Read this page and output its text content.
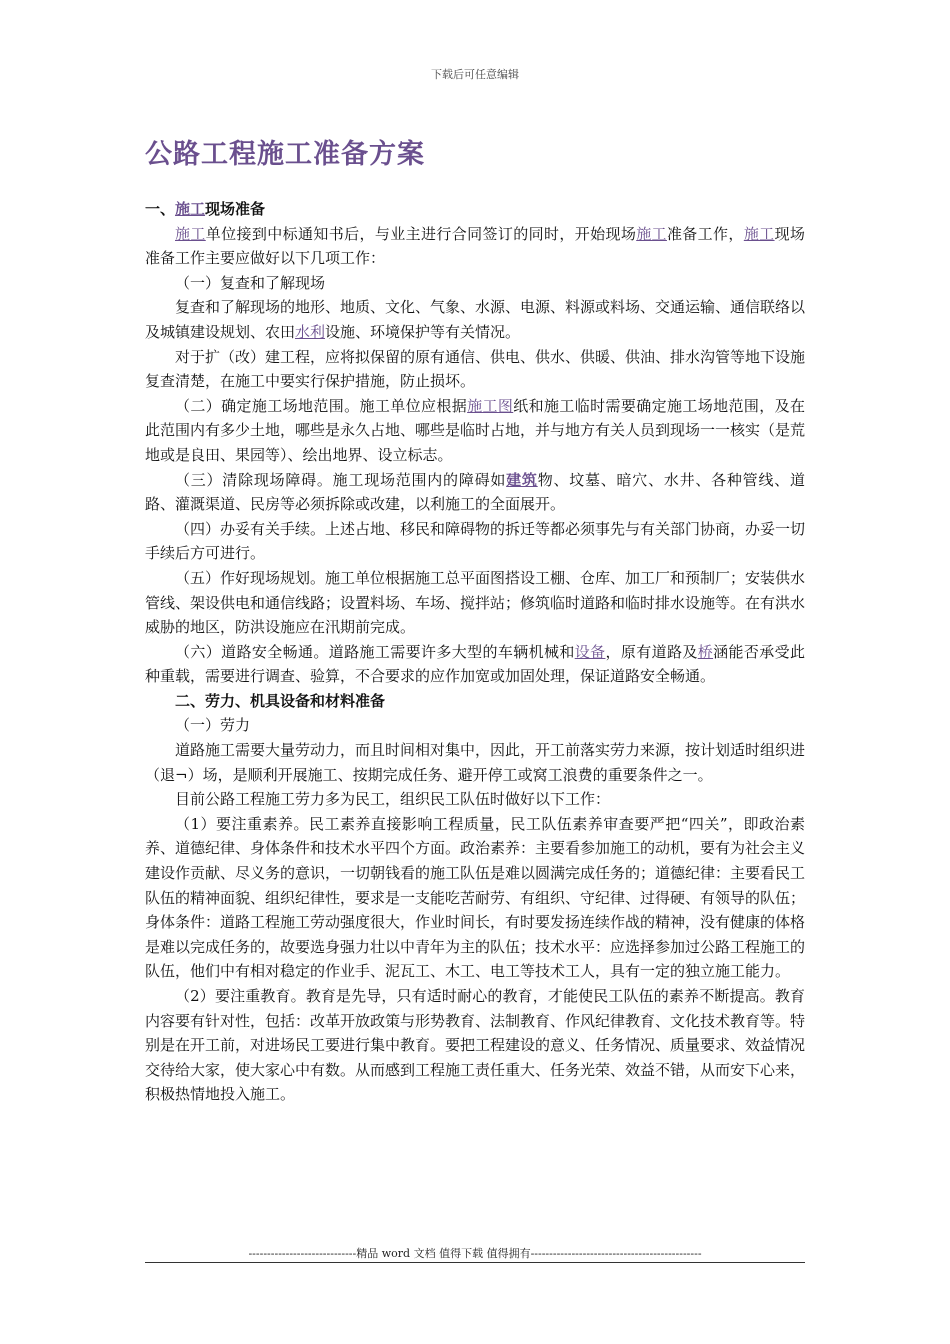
下载后可任意编辑
公路工程施工准备方案

一、施工现场准备

施工单位接到中标通知书后，与业主进行合同签订的同时，开始现场施工准备工作，施工现场准备工作主要应做好以下几项工作：

（一）复查和了解现场

复查和了解现场的地形、地质、文化、气象、水源、电源、料源或料场、交通运输、通信联络以及城镇建设规划、农田水利设施、环境保护等有关情况。

对于扩（改）建工程，应将拟保留的原有通信、供电、供水、供暖、供油、排水沟管等地下设施复查清楚，在施工中要实行保护措施，防止损坏。

（二）确定施工场地范围。施工单位应根据施工图纸和施工临时需要确定施工场地范围，及在此范围内有多少土地，哪些是永久占地、哪些是临时占地，并与地方有关人员到现场一一核实（是荒地或是良田、果园等）、绘出地界、设立标志。

（三）清除现场障碍。施工现场范围内的障碍如建筑物、坟墓、暗穴、水井、各种管线、道路、灌溉渠道、民房等必须拆除或改建，以利施工的全面展开。

（四）办妥有关手续。上述占地、移民和障碍物的拆迁等都必须事先与有关部门协商，办妥一切手续后方可进行。

（五）作好现场规划。施工单位根据施工总平面图搭设工棚、仓库、加工厂和预制厂；安装供水管线、架设供电和通信线路；设置料场、车场、搅拌站；修筑临时道路和临时排水设施等。在有洪水威胁的地区，防洪设施应在汛期前完成。

（六）道路安全畅通。道路施工需要许多大型的车辆机械和设备，原有道路及桥涵能否承受此种重载，需要进行调查、验算，不合要求的应作加宽或加固处理，保证道路安全畅通。

二、劳力、机具设备和材料准备

（一）劳力

道路施工需要大量劳动力，而且时间相对集中，因此，开工前落实劳力来源，按计划适时组织进（退¬）场，是顺利开展施工、按期完成任务、避开停工或窝工浪费的重要条件之一。

目前公路工程施工劳力多为民工，组织民工队伍时做好以下工作：

（1）要注重素养。民工素养直接影响工程质量，民工队伍素养审查要严把“四关”，即政治素养、道德纪律、身体条件和技术水平四个方面。政治素养：主要看参加施工的动机，要有为社会主义建设作贡献、尽义务的意识，一切朝钱看的施工队伍是难以圆满完成任务的；道德纪律：主要看民工队伍的精神面貌、组织纪律性，要求是一支能吃苦耐劳、有组织、守纪律、过得硬、有领导的队伍；身体条件：道路工程施工劳动强度很大，作业时间长，有时要发扬连续作战的精神，没有健康的体格是难以完成任务的，故要选身强力壮以中青年为主的队伍；技术水平：应选择参加过公路工程施工的队伍，他们中有相对稳定的作业手、泥瓦工、木工、电工等技术工人，具有一定的独立施工能力。

（2）要注重教育。教育是先导，只有适时耐心的教育，才能使民工队伍的素养不断提高。教育内容要有针对性，包括：改革开放政策与形势教育、法制教育、作风纪律教育、文化技术教育等。特别是在开工前，对进场民工要进行集中教育。要把工程建设的意义、任务情况、质量要求、效益情况交待给大家，使大家心中有数。从而感到工程施工责任重大、任务光荣、效益不错，从而安下心来，积极热情地投入施工。

-----------------------------精品 word 文档 值得下载 值得拥有----------------------------------------------
